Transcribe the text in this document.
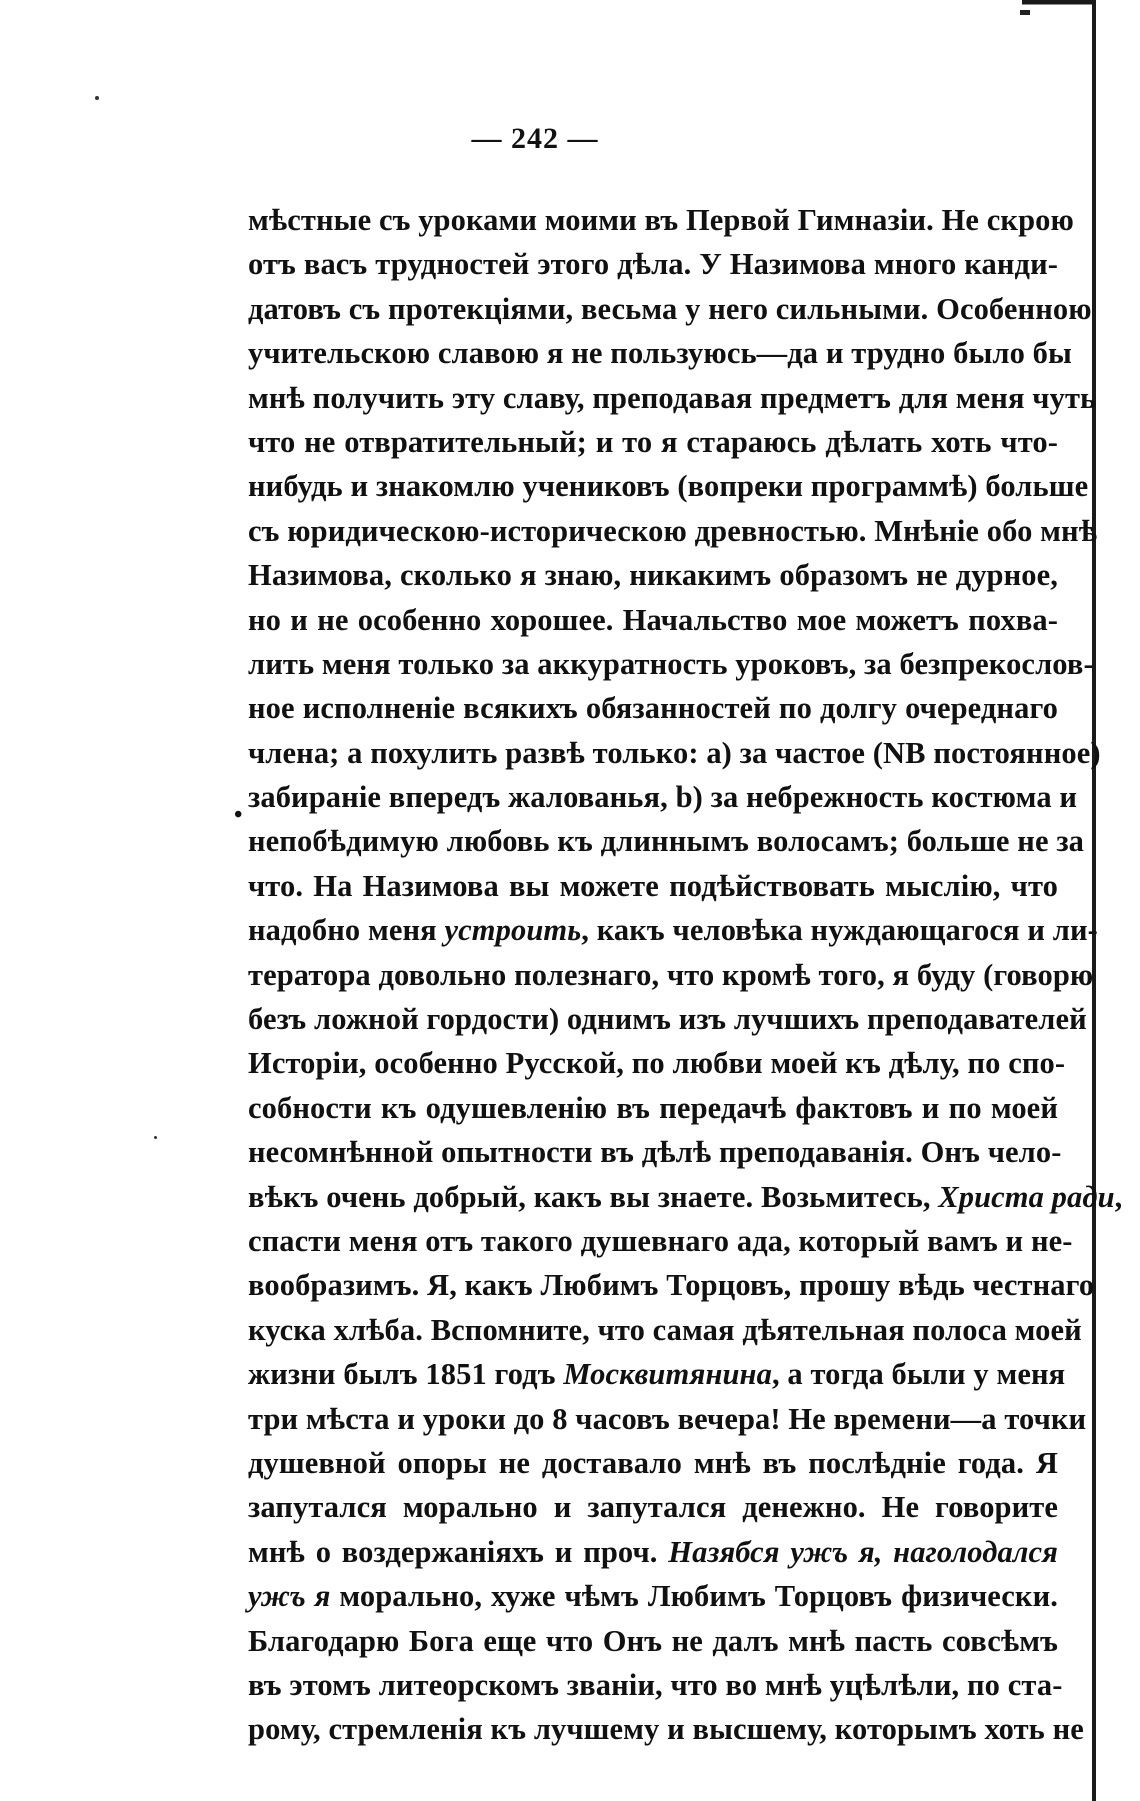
— 242 —
•
мѣстные съ уроками моими въ Первой Гимназіи. Не скрою
отъ васъ трудностей этого дѣла. У Назимова много канди-
датовъ съ протекціями, весьма у него сильными. Особенною
учительскою славою я не пользуюсь—да и трудно было бы
мнѣ получить эту славу, преподавая предметъ для меня чуть
что не отвратительный; и то я стараюсь дѣлать хоть что-
нибудь и знакомлю учениковъ (вопреки программѣ) больше
съ юридическою-историческою древностью. Мнѣніе обо мнѣ
Назимова, сколько я знаю, никакимъ образомъ не дурное,
но и не особенно хорошее. Начальство мое можетъ похва-
лить меня только за аккуратность уроковъ, за безпрекослов-
ное исполненіе всякихъ обязанностей по долгу очереднаго
члена; а похулить развѣ только: а) за частое (NB постоянное)
забираніе впередъ жалованья, b) за небрежность костюма и
непобѣдимую любовь къ длиннымъ волосамъ; больше не за
что. На Назимова вы можете подѣйствовать мыслію, что
надобно меня устроить, какъ человѣка нуждающагося и ли-
тератора довольно полезнаго, что кромѣ того, я буду (говорю
безъ ложной гордости) однимъ изъ лучшихъ преподавателей
Исторіи, особенно Русской, по любви моей къ дѣлу, по спо-
собности къ одушевленію въ передачѣ фактовъ и по моей
несомнѣнной опытности въ дѣлѣ преподаванія. Онъ чело-
вѣкъ очень добрый, какъ вы знаете. Возьмитесь, Христа ради,
спасти меня отъ такого душевнаго ада, который вамъ и не-
вообразимъ. Я, какъ Любимъ Торцовъ, прошу вѣдь честнаго
куска хлѣба. Вспомните, что самая дѣятельная полоса моей
жизни былъ 1851 годъ Москвитянина, а тогда были у меня
три мѣста и уроки до 8 часовъ вечера! Не времени—а точки
душевной опоры не доставало мнѣ въ послѣдніе года. Я
запутался морально и запутался денежно. Не говорите
мнѣ о воздержаніяхъ и проч. Назябся ужъ я, наголодался
ужъ я морально, хуже чѣмъ Любимъ Торцовъ физически.
Благодарю Бога еще что Онъ не далъ мнѣ пасть совсѣмъ
въ этомъ литеорскомъ званіи, что во мнѣ уцѣлѣли, по ста-
рому, стремленія къ лучшему и высшему, которымъ хоть не
